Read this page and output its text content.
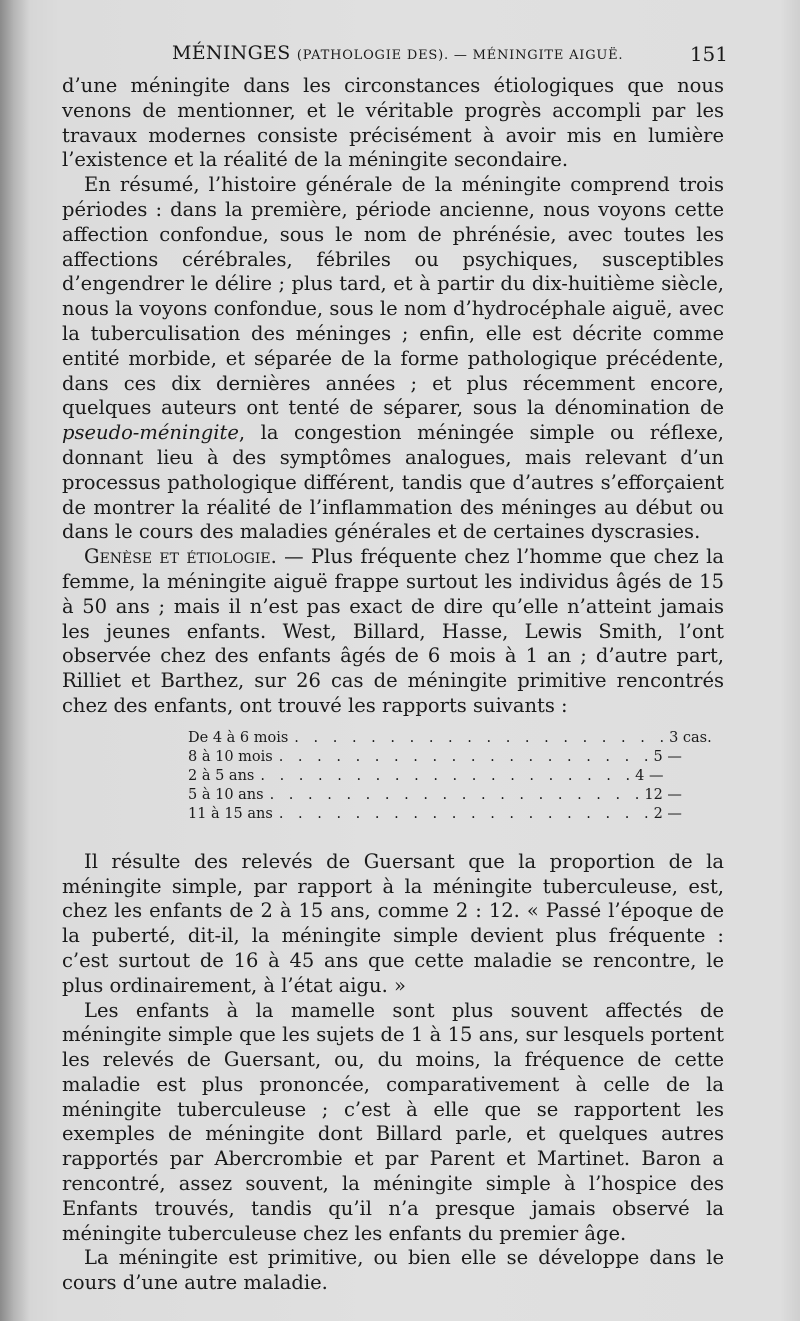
MÉNINGES (PATHOLOGIE DES). — MÉNINGITE AIGUË.	151

d’une méningite dans les circonstances étiologiques que nous venons de mentionner, et le véritable progrès accompli par les travaux modernes consiste précisément à avoir mis en lumière l’existence et la réalité de la méningite secondaire.

En résumé, l’histoire générale de la méningite comprend trois périodes : dans la première, période ancienne, nous voyons cette affection confondue, sous le nom de phrénésie, avec toutes les affections cérébrales, fébriles ou psychiques, susceptibles d’engendrer le délire ; plus tard, et à partir du dix-huitième siècle, nous la voyons confondue, sous le nom d’hydrocéphale aiguë, avec la tuberculisation des méninges ; enfin, elle est décrite comme entité morbide, et séparée de la forme pathologique précédente, dans ces dix dernières années ; et plus récemment encore, quelques auteurs ont tenté de séparer, sous la dénomination de pseudo-méningite, la congestion méningée simple ou réflexe, donnant lieu à des symptômes analogues, mais relevant d’un processus pathologique différent, tandis que d’autres s’efforçaient de montrer la réalité de l’inflammation des méninges au début ou dans le cours des maladies générales et de certaines dyscrasies.

Genèse et étiologie. — Plus fréquente chez l’homme que chez la femme, la méningite aiguë frappe surtout les individus âgés de 15 à 50 ans ; mais il n’est pas exact de dire qu’elle n’atteint jamais les jeunes enfants. West, Billard, Hasse, Lewis Smith, l’ont observée chez des enfants âgés de 6 mois à 1 an ; d’autre part, Rilliet et Barthez, sur 26 cas de méningite primitive rencontrés chez des enfants, ont trouvé les rapports suivants :

De 4 à 6 mois . . . . . . . . . . . . . . . . . . . . 3 cas.
8 à 10 mois . . . . . . . . . . . . . . . . . . . . 5 —
2 à 5 ans . . . . . . . . . . . . . . . . . . . . 4 —
5 à 10 ans . . . . . . . . . . . . . . . . . . . . 12 —
11 à 15 ans . . . . . . . . . . . . . . . . . . . . 2 —

Il résulte des relevés de Guersant que la proportion de la méningite simple, par rapport à la méningite tuberculeuse, est, chez les enfants de 2 à 15 ans, comme 2 : 12. « Passé l’époque de la puberté, dit-il, la méningite simple devient plus fréquente : c’est surtout de 16 à 45 ans que cette maladie se rencontre, le plus ordinairement, à l’état aigu. »

Les enfants à la mamelle sont plus souvent affectés de méningite simple que les sujets de 1 à 15 ans, sur lesquels portent les relevés de Guersant, ou, du moins, la fréquence de cette maladie est plus prononcée, comparativement à celle de la méningite tuberculeuse ; c’est à elle que se rapportent les exemples de méningite dont Billard parle, et quelques autres rapportés par Abercrombie et par Parent et Martinet. Baron a rencontré, assez souvent, la méningite simple à l’hospice des Enfants trouvés, tandis qu’il n’a presque jamais observé la méningite tuberculeuse chez les enfants du premier âge.

La méningite est primitive, ou bien elle se développe dans le cours d’une autre maladie.
